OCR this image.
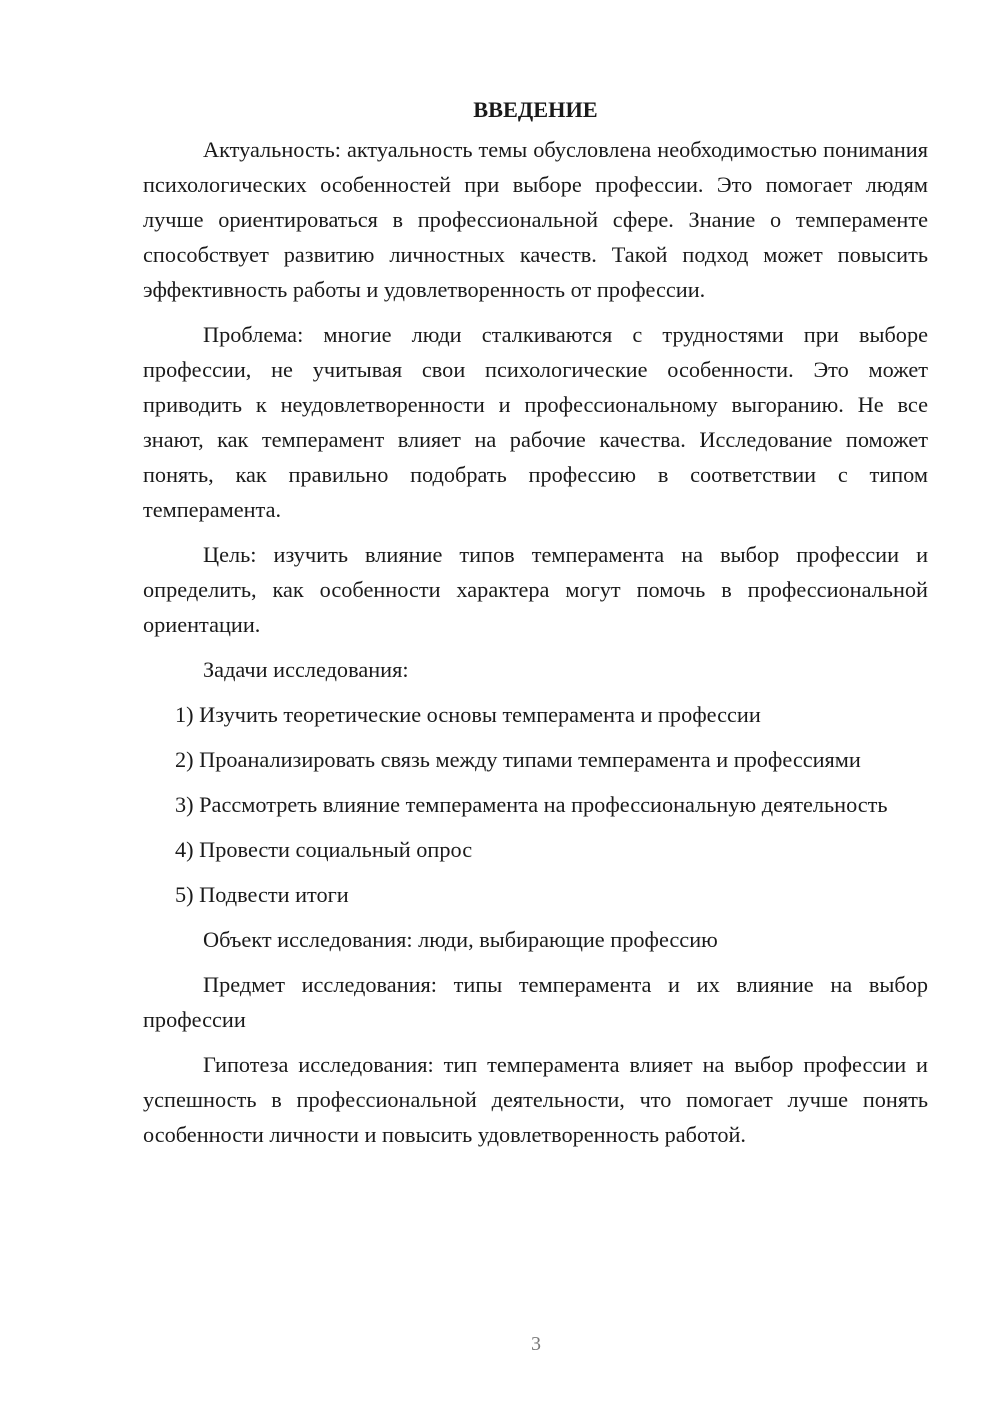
ВВЕДЕНИЕ

Актуальность: актуальность темы обусловлена необходимостью понимания психологических особенностей при выборе профессии. Это помогает людям лучше ориентироваться в профессиональной сфере. Знание о темпераменте способствует развитию личностных качеств. Такой подход может повысить эффективность работы и удовлетворенность от профессии.

Проблема: многие люди сталкиваются с трудностями при выборе профессии, не учитывая свои психологические особенности. Это может приводить к неудовлетворенности и профессиональному выгоранию. Не все знают, как темперамент влияет на рабочие качества. Исследование поможет понять, как правильно подобрать профессию в соответствии с типом темперамента.

Цель: изучить влияние типов темперамента на выбор профессии и определить, как особенности характера могут помочь в профессиональной ориентации.

Задачи исследования:

1) Изучить теоретические основы темперамента и профессии

2) Проанализировать связь между типами темперамента и профессиями

3) Рассмотреть влияние темперамента на профессиональную деятельность

4) Провести социальный опрос

5) Подвести итоги

Объект исследования: люди, выбирающие профессию

Предмет исследования: типы темперамента и их влияние на выбор профессии

Гипотеза исследования: тип темперамента влияет на выбор профессии и успешность в профессиональной деятельности, что помогает лучше понять особенности личности и повысить удовлетворенность работой.

3
